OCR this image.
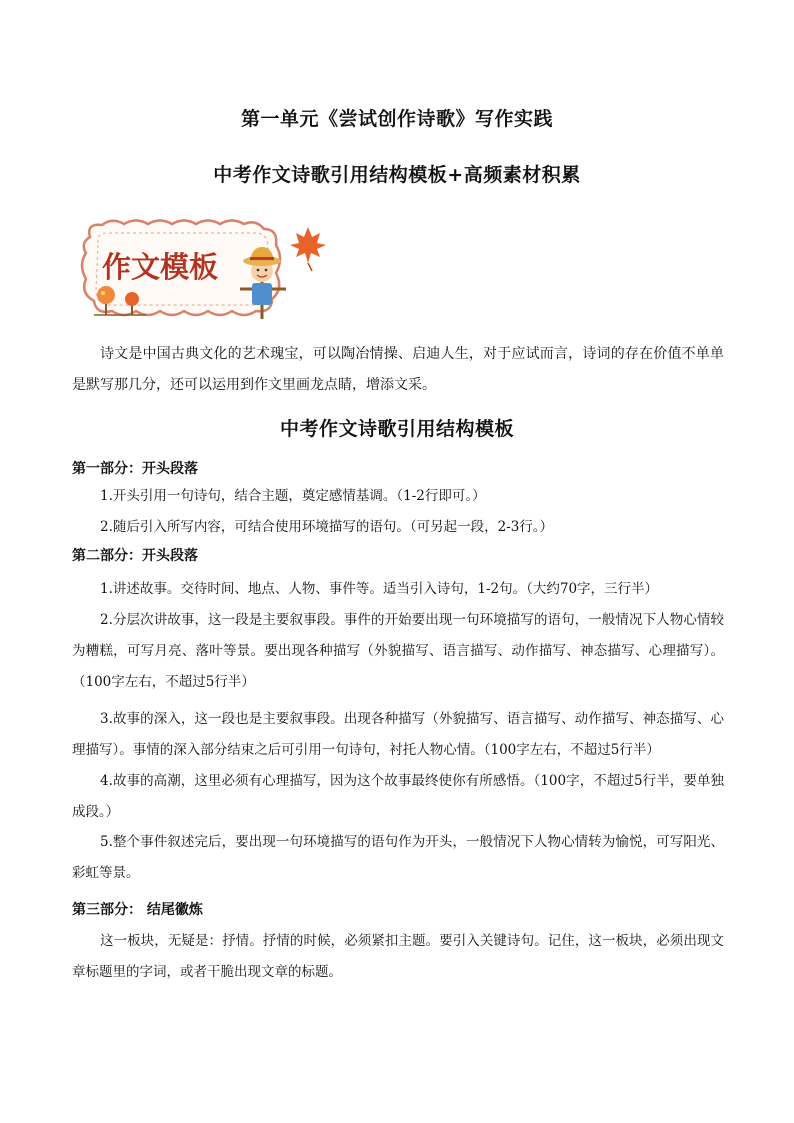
第一单元《尝试创作诗歌》写作实践
中考作文诗歌引用结构模板+高频素材积累
作文模板
诗文是中国古典文化的艺术瑰宝，可以陶冶情操、启迪人生，对于应试而言，诗词的存在价值不单单是默写那几分，还可以运用到作文里画龙点睛，增添文采。
中考作文诗歌引用结构模板
第一部分：开头段落
1.开头引用一句诗句，结合主题，奠定感情基调。（1-2行即可。）
2.随后引入所写内容，可结合使用环境描写的语句。（可另起一段，2-3行。）
第二部分：开头段落
1.讲述故事。交待时间、地点、人物、事件等。适当引入诗句，1-2句。（大约70字，三行半）
2.分层次讲故事，这一段是主要叙事段。事件的开始要出现一句环境描写的语句，一般情况下人物心情较为糟糕，可写月亮、落叶等景。要出现各种描写（外貌描写、语言描写、动作描写、神态描写、心理描写）。（100字左右，不超过5行半）
3.故事的深入，这一段也是主要叙事段。出现各种描写（外貌描写、语言描写、动作描写、神态描写、心理描写）。事情的深入部分结束之后可引用一句诗句，衬托人物心情。（100字左右，不超过5行半）
4.故事的高潮，这里必须有心理描写，因为这个故事最终使你有所感悟。（100字，不超过5行半，要单独成段。）
5.整个事件叙述完后，要出现一句环境描写的语句作为开头，一般情况下人物心情转为愉悦，可写阳光、彩虹等景。
第三部分： 结尾徽炼
这一板块，无疑是：抒情。抒情的时候，必须紧扣主题。要引入关键诗句。记住，这一板块，必须出现文章标题里的字词，或者干脆出现文章的标题。
